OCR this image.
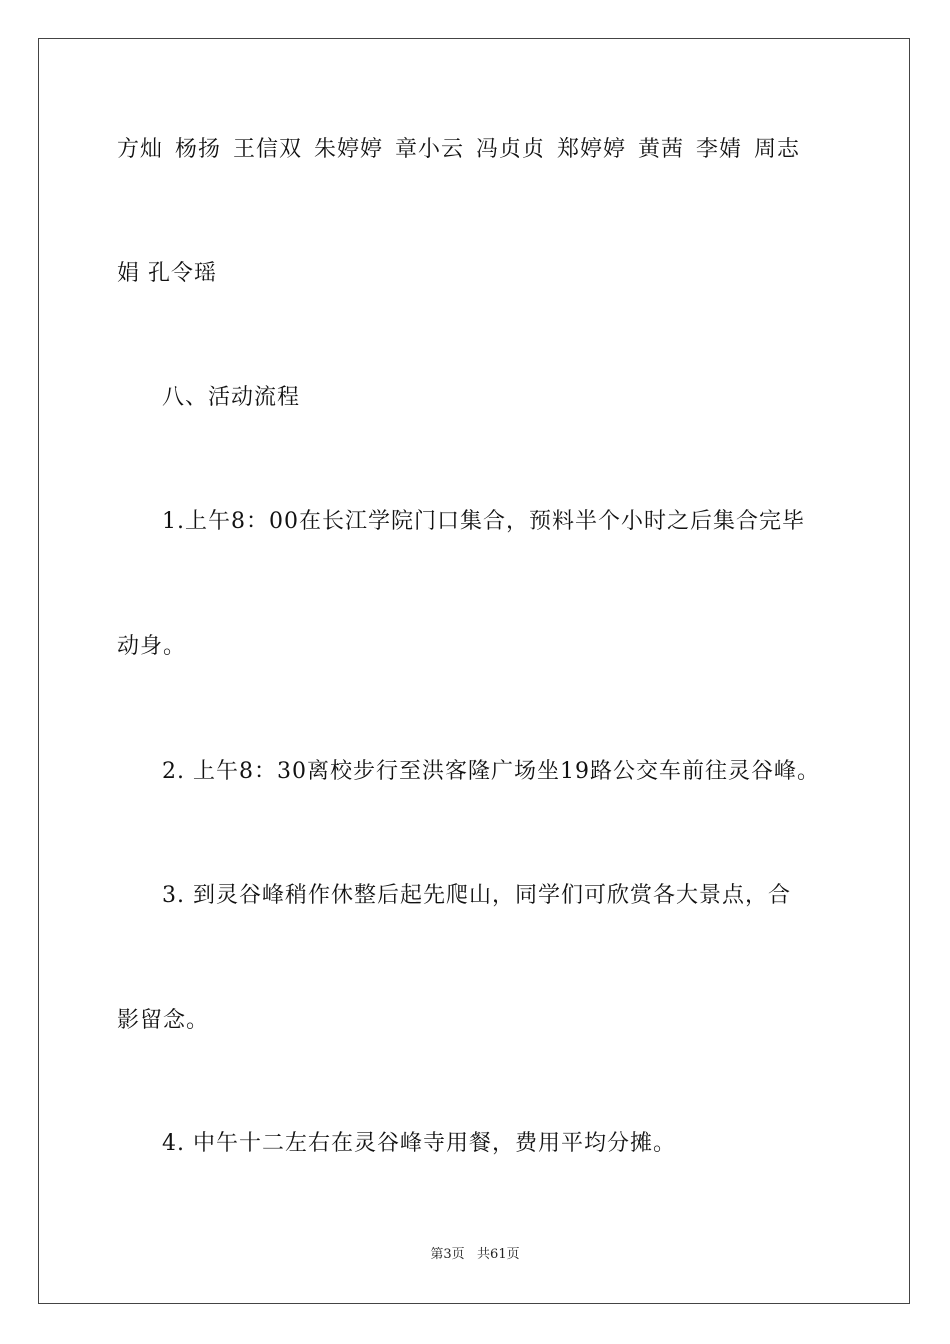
方灿 杨扬 王信双 朱婷婷 章小云 冯贞贞 郑婷婷 黄茜 李婧 周志
娟 孔令瑶
八、活动流程
1.上午8：00在长江学院门口集合，预料半个小时之后集合完毕
动身。
2. 上午8：30离校步行至洪客隆广场坐19路公交车前往灵谷峰。
3. 到灵谷峰稍作休整后起先爬山，同学们可欣赏各大景点，合
影留念。
4. 中午十二左右在灵谷峰寺用餐，费用平均分摊。
第3页   共61页
